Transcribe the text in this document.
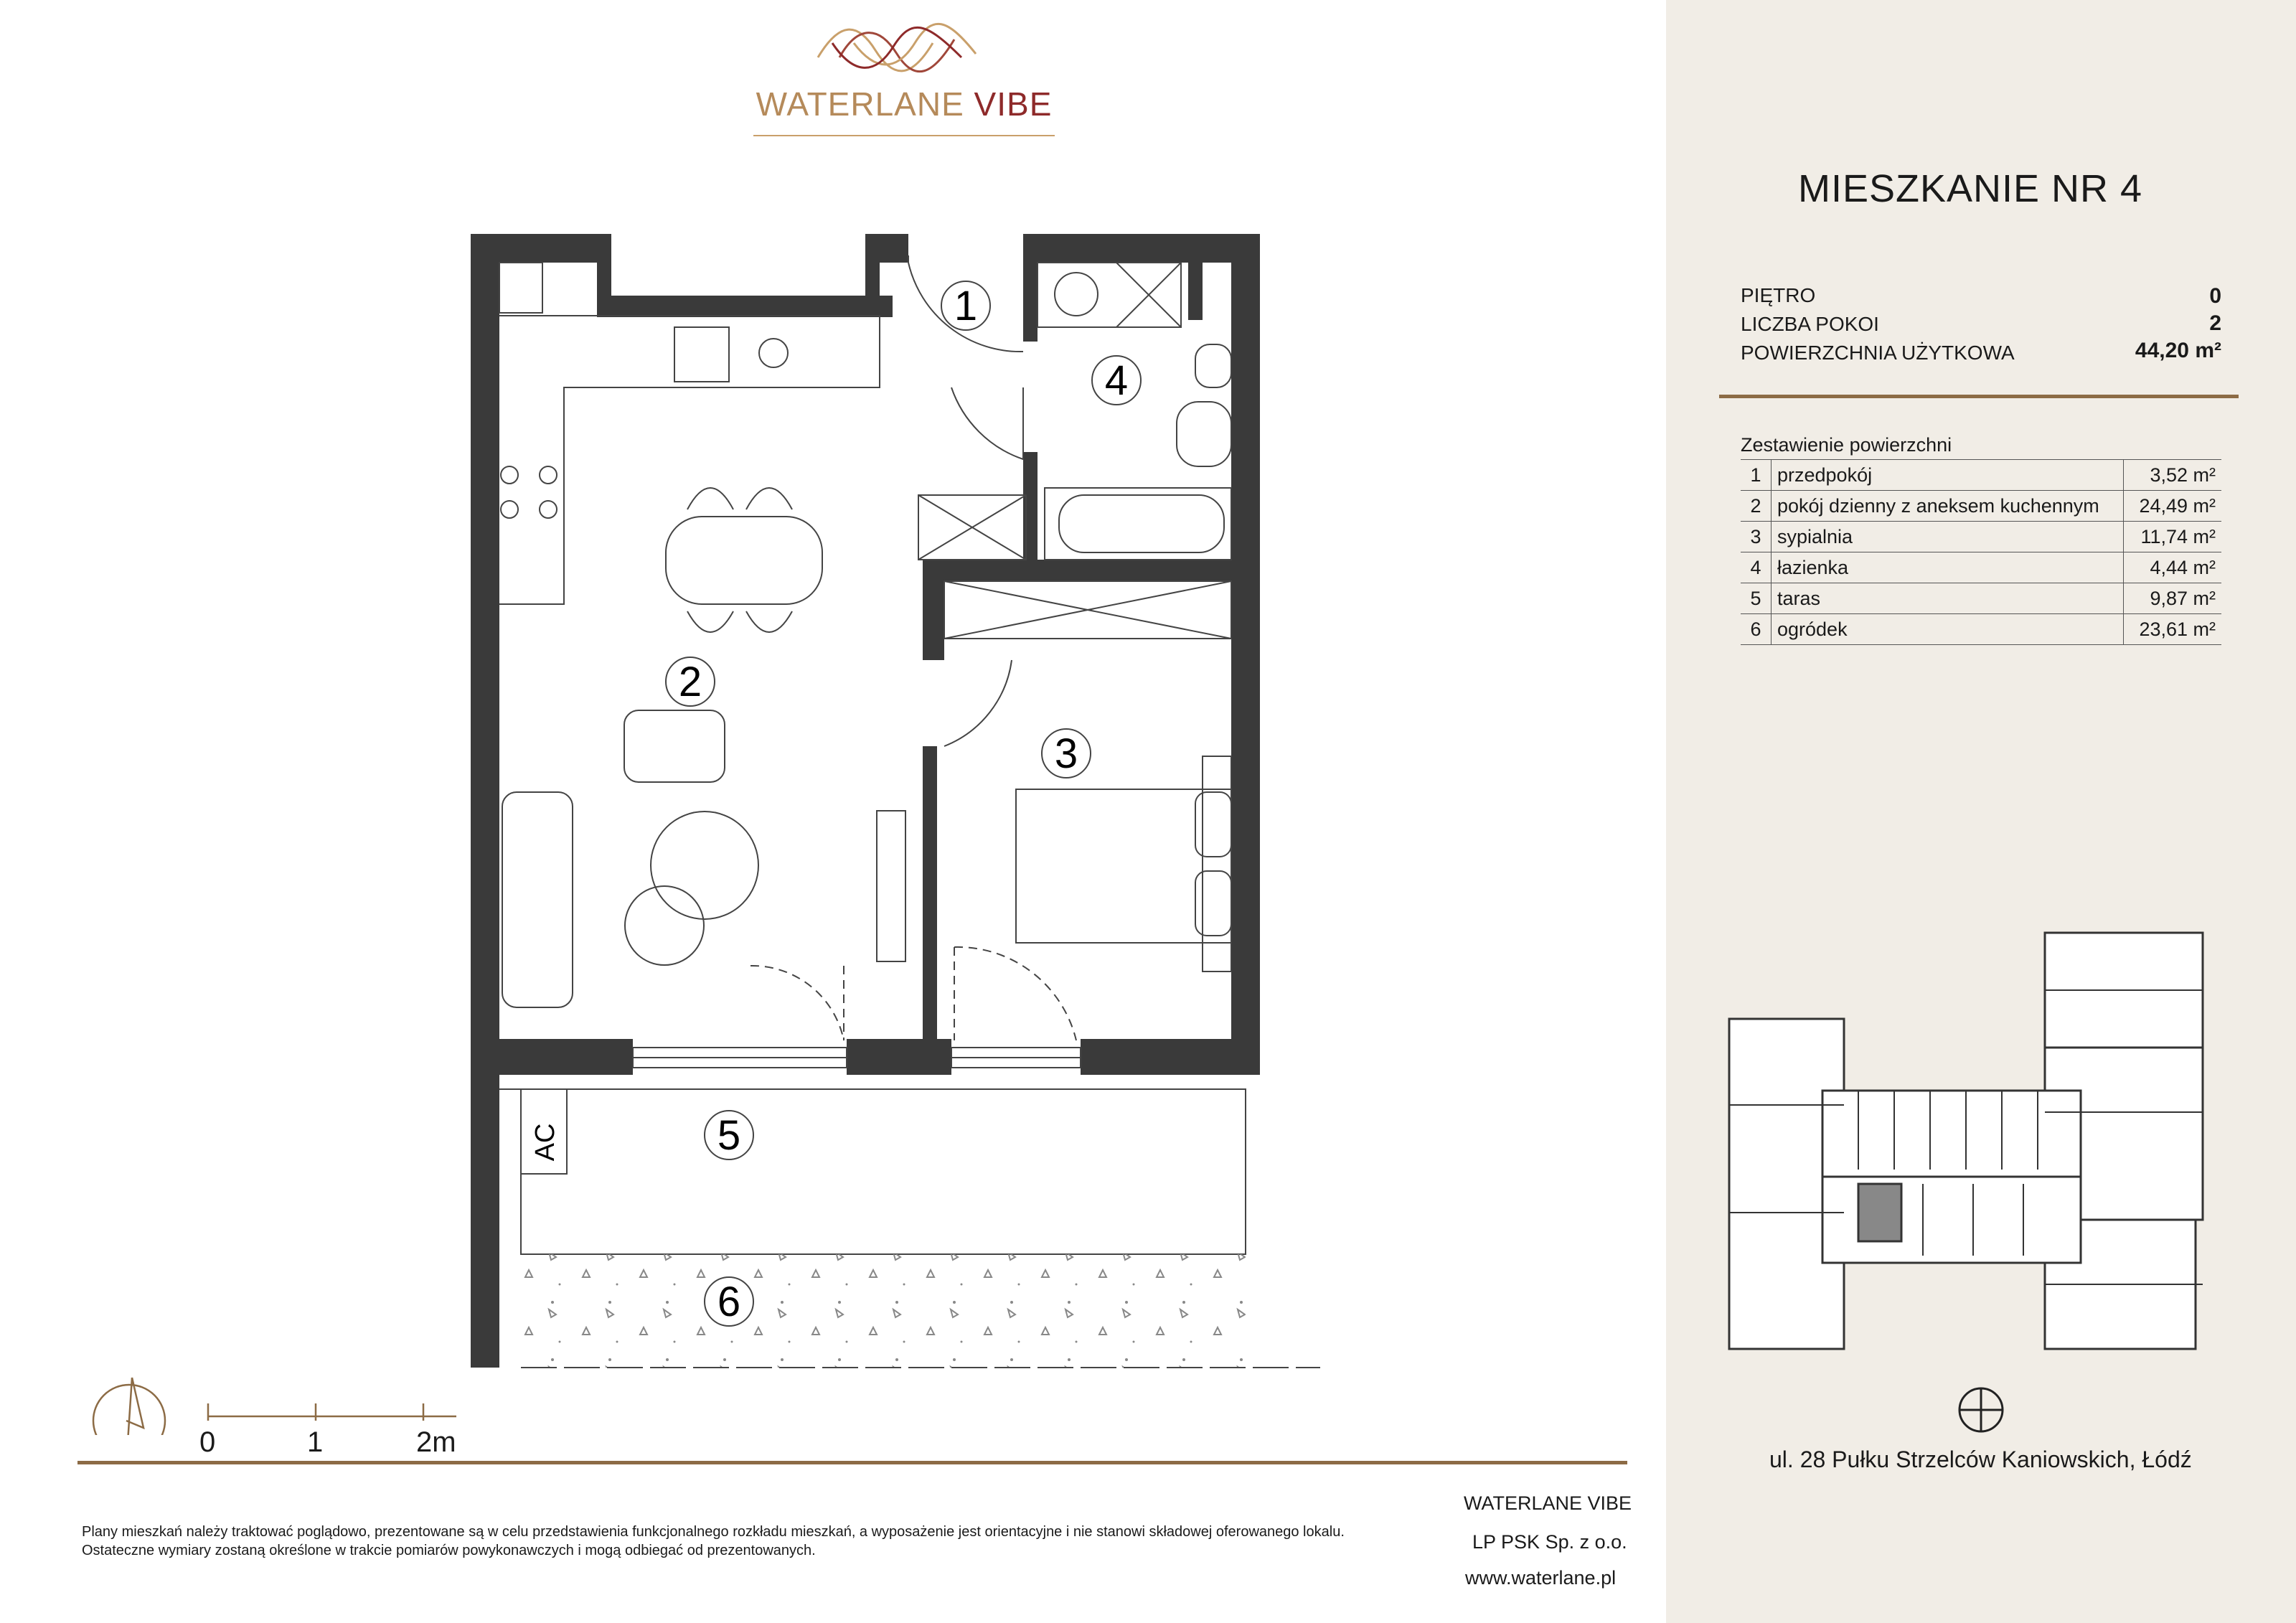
WATERLANE VIBE
1
4
2
3
5
6
AC
0	1	2m
MIESZKANIE NR 4
PIĘTRO	0
LICZBA POKOI	2
POWIERZCHNIA UŻYTKOWA	44,20 m²
Zestawienie powierzchni
1	przedpokój	3,52 m²
2	pokój dzienny z aneksem kuchennym	24,49 m²
3	sypialnia	11,74 m²
4	łazienka	4,44 m²
5	taras	9,87 m²
6	ogródek	23,61 m²
ul. 28 Pułku Strzelców Kaniowskich, Łódź
WATERLANE VIBE
LP PSK Sp. z o.o.
www.waterlane.pl
Plany mieszkań należy traktować poglądowo, prezentowane są w celu przedstawienia funkcjonalnego rozkładu mieszkań, a wyposażenie jest orientacyjne i nie stanowi składowej oferowanego lokalu.
Ostateczne wymiary zostaną określone w trakcie pomiarów powykonawczych i mogą odbiegać od prezentowanych.
